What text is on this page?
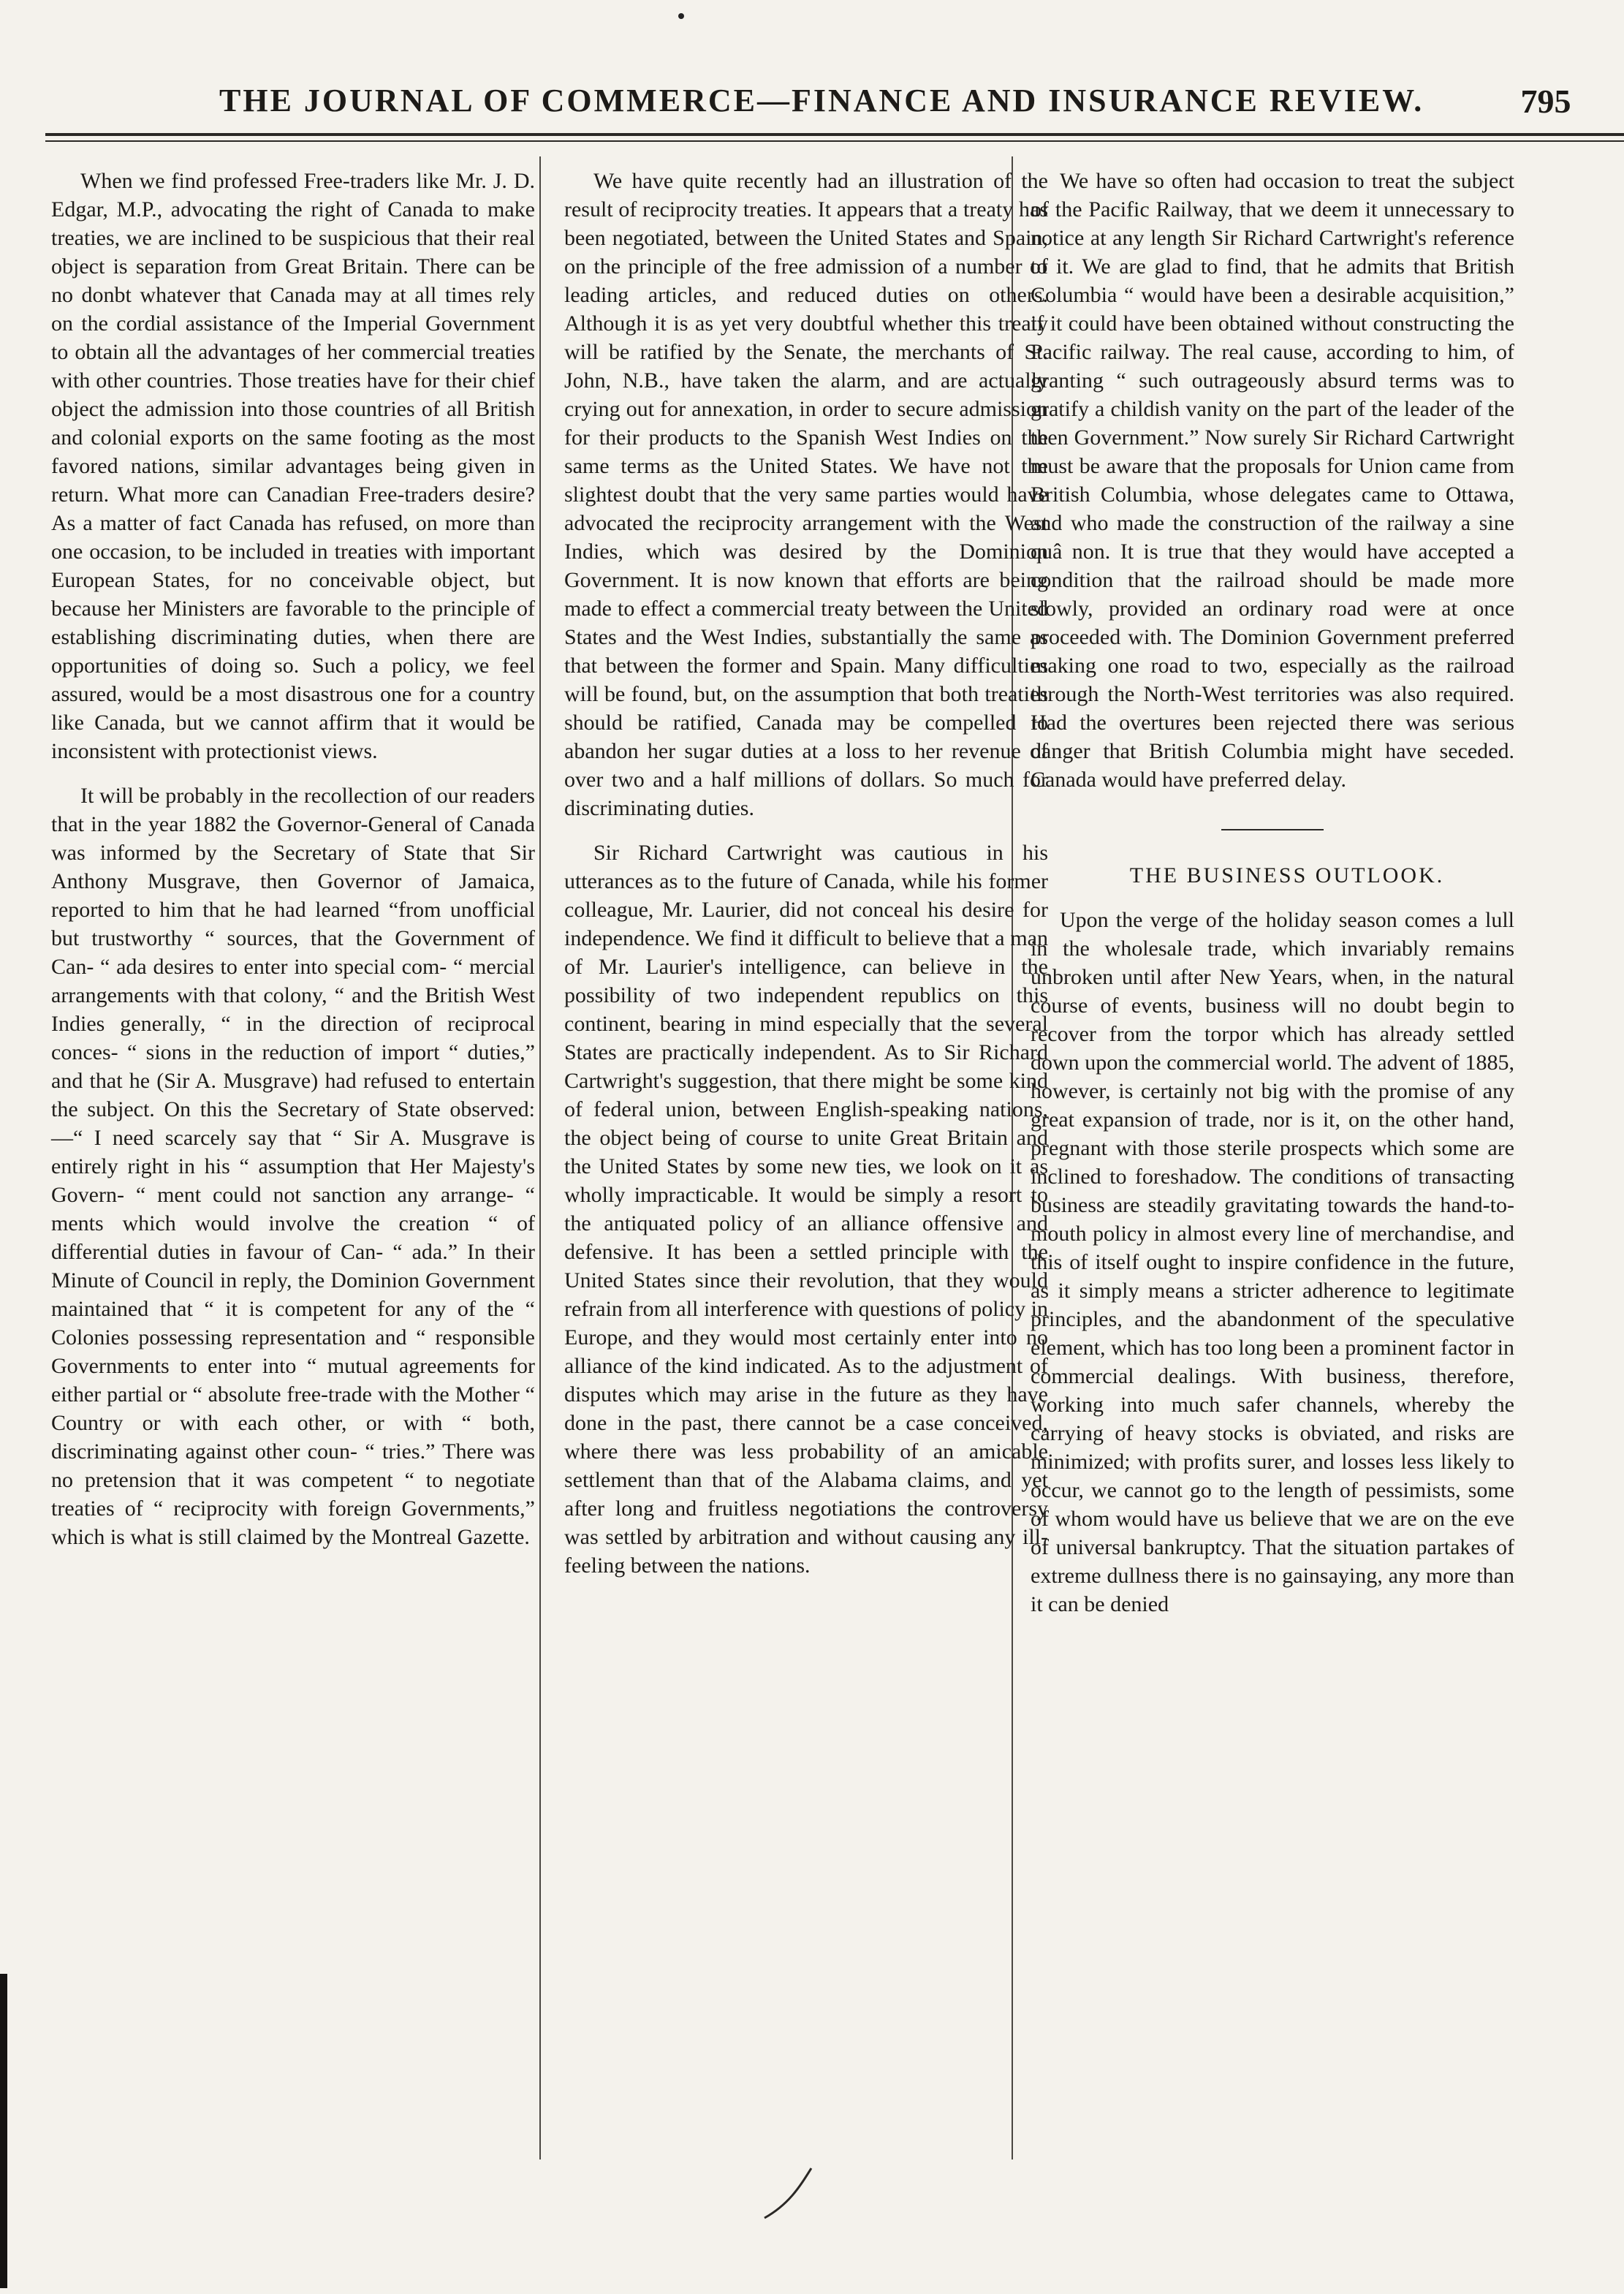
THE JOURNAL OF COMMERCE—FINANCE AND INSURANCE REVIEW.	795

When we find professed Free-traders like Mr. J. D. Edgar, M.P., advocating the right of Canada to make treaties, we are inclined to be suspicious that their real object is separation from Great Britain. There can be no donbt whatever that Canada may at all times rely on the cordial assistance of the Imperial Government to obtain all the advantages of her commercial treaties with other countries. Those treaties have for their chief object the admission into those countries of all British and colonial exports on the same footing as the most favored nations, similar advantages being given in return. What more can Canadian Free-traders desire? As a matter of fact Canada has refused, on more than one occasion, to be included in treaties with important European States, for no conceivable object, but because her Ministers are favorable to the principle of establishing discriminating duties, when there are opportunities of doing so. Such a policy, we feel assured, would be a most disastrous one for a country like Canada, but we cannot affirm that it would be inconsistent with protectionist views.

It will be probably in the recollection of our readers that in the year 1882 the Governor-General of Canada was informed by the Secretary of State that Sir Anthony Musgrave, then Governor of Jamaica, reported to him that he had learned “from unofficial but trustworthy “ sources, that the Government of Can- “ ada desires to enter into special com- “ mercial arrangements with that colony, “ and the British West Indies generally, “ in the direction of reciprocal conces- “ sions in the reduction of import “ duties,” and that he (Sir A. Musgrave) had refused to entertain the subject. On this the Secretary of State observed:—“ I need scarcely say that “ Sir A. Musgrave is entirely right in his “ assumption that Her Majesty's Govern- “ ment could not sanction any arrange- “ ments which would involve the creation “ of differential duties in favour of Can- “ ada.” In their Minute of Council in reply, the Dominion Government maintained that “ it is competent for any of the “ Colonies possessing representation and “ responsible Governments to enter into “ mutual agreements for either partial or “ absolute free-trade with the Mother “ Country or with each other, or with “ both, discriminating against other coun- “ tries.” There was no pretension that it was competent “ to negotiate treaties of “ reciprocity with foreign Governments,” which is what is still claimed by the Montreal Gazette.

We have quite recently had an illustration of the result of reciprocity treaties. It appears that a treaty has been negotiated, between the United States and Spain, on the principle of the free admission of a number of leading articles, and reduced duties on others. Although it is as yet very doubtful whether this treaty will be ratified by the Senate, the merchants of St. John, N.B., have taken the alarm, and are actually crying out for annexation, in order to secure admission for their products to the Spanish West Indies on the same terms as the United States. We have not the slightest doubt that the very same parties would have advocated the reciprocity arrangement with the West Indies, which was desired by the Dominion Government. It is now known that efforts are being made to effect a commercial treaty between the United States and the West Indies, substantially the same as that between the former and Spain. Many difficulties will be found, but, on the assumption that both treaties should be ratified, Canada may be compelled to abandon her sugar duties at a loss to her revenue of over two and a half millions of dollars. So much for discriminating duties.

Sir Richard Cartwright was cautious in his utterances as to the future of Canada, while his former colleague, Mr. Laurier, did not conceal his desire for independence. We find it difficult to believe that a man of Mr. Laurier's intelligence, can believe in the possibility of two independent republics on this continent, bearing in mind especially that the several States are practically independent. As to Sir Richard Cartwright's suggestion, that there might be some kind of federal union, between English-speaking nations, the object being of course to unite Great Britain and the United States by some new ties, we look on it as wholly impracticable. It would be simply a resort to the antiquated policy of an alliance offensive and defensive. It has been a settled principle with the United States since their revolution, that they would refrain from all interference with questions of policy in Europe, and they would most certainly enter into no alliance of the kind indicated. As to the adjustment of disputes which may arise in the future as they have done in the past, there cannot be a case conceived, where there was less probability of an amicable settlement than that of the Alabama claims, and yet after long and fruitless negotiations the controversy was settled by arbitration and without causing any ill-feeling between the nations.

We have so often had occasion to treat the subject of the Pacific Railway, that we deem it unnecessary to notice at any length Sir Richard Cartwright's reference to it. We are glad to find, that he admits that British Columbia “ would have been a desirable acquisition,” if it could have been obtained without constructing the Pacific railway. The real cause, according to him, of granting “ such outrageously absurd terms was to gratify a childish vanity on the part of the leader of the then Government.” Now surely Sir Richard Cartwright must be aware that the proposals for Union came from British Columbia, whose delegates came to Ottawa, and who made the construction of the railway a sine quâ non. It is true that they would have accepted a condition that the railroad should be made more slowly, provided an ordinary road were at once proceeded with. The Dominion Government preferred making one road to two, especially as the railroad through the North-West territories was also required. Had the overtures been rejected there was serious danger that British Columbia might have seceded. Canada would have preferred delay.

THE BUSINESS OUTLOOK.

Upon the verge of the holiday season comes a lull in the wholesale trade, which invariably remains unbroken until after New Years, when, in the natural course of events, business will no doubt begin to recover from the torpor which has already settled down upon the commercial world. The advent of 1885, however, is certainly not big with the promise of any great expansion of trade, nor is it, on the other hand, pregnant with those sterile prospects which some are inclined to foreshadow. The conditions of transacting business are steadily gravitating towards the hand-to-mouth policy in almost every line of merchandise, and this of itself ought to inspire confidence in the future, as it simply means a stricter adherence to legitimate principles, and the abandonment of the speculative element, which has too long been a prominent factor in commercial dealings. With business, therefore, working into much safer channels, whereby the carrying of heavy stocks is obviated, and risks are minimized; with profits surer, and losses less likely to occur, we cannot go to the length of pessimists, some of whom would have us believe that we are on the eve of universal bankruptcy. That the situation partakes of extreme dullness there is no gainsaying, any more than it can be denied
